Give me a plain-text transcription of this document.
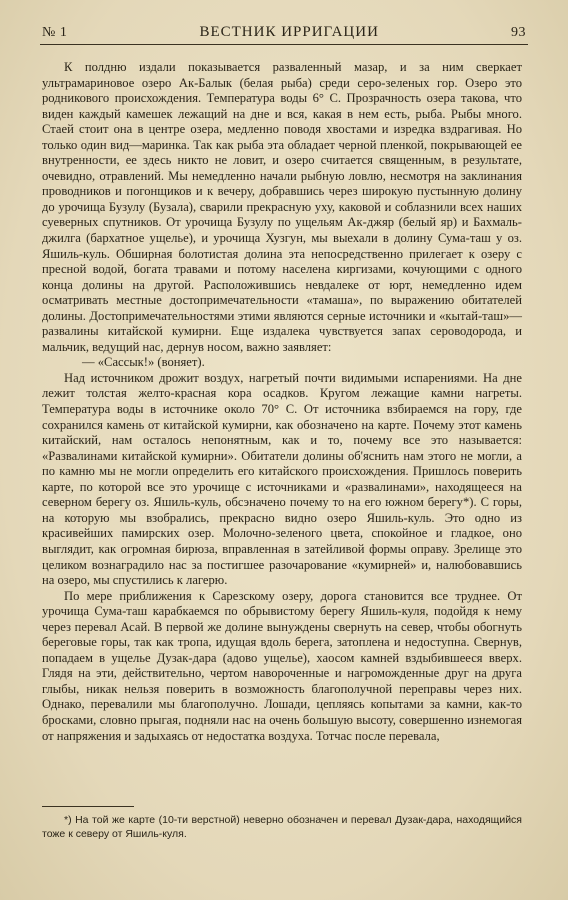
№ 1	ВЕСТНИК ИРРИГАЦИИ	93

К полдню издали показывается разваленный мазар, и за ним сверкает ультрамариновое озеро Ак-Балык (белая рыба) среди серо-зеленых гор. Озеро это родникового происхождения. Температура воды 6° С. Прозрачность озера такова, что виден каждый камешек лежащий на дне и вся, какая в нем есть, рыба. Рыбы много. Стаей стоит она в центре озера, медленно поводя хвостами и изредка вздрагивая. Но только один вид—маринка. Так как рыба эта обладает черной пленкой, покрывающей ее внутренности, ее здесь никто не ловит, и озеро считается священным, в результате, очевидно, отравлений. Мы немедленно начали рыбную ловлю, несмотря на заклинания проводников и погонщиков и к вечеру, добравшись через широкую пустынную долину до урочища Бузулу (Бузала), сварили прекрасную уху, каковой и соблазнили всех наших суеверных спутников. От урочища Бузулу по ущельям Ак-джяр (белый яр) и Бахмаль-джилга (бархатное ущелье), и урочища Хузгун, мы выехали в долину Сума-таш у оз. Яшиль-куль. Обширная болотистая долина эта непосредственно прилегает к озеру с пресной водой, богата травами и потому населена киргизами, кочующими с одного конца долины на другой. Расположившись невдалеке от юрт, немедленно идем осматривать местные достопримечательности «тамаша», по выражению обитателей долины. Достопримечательностями этими являются серные источники и «кытай-таш»—развалины китайской кумирни. Еще издалека чувствуется запах сероводорода, и мальчик, ведущий нас, дернув носом, важно заявляет:

— «Сассык!» (воняет).

Над источником дрожит воздух, нагретый почти видимыми испарениями. На дне лежит толстая желто-красная кора осадков. Кругом лежащие камни нагреты. Температура воды в источнике около 70° С. От источника взбираемся на гору, где сохранился камень от китайской кумирни, как обозначено на карте. Почему этот камень китайский, нам осталось непонятным, как и то, почему все это называется: «Развалинами китайской кумирни». Обитатели долины об'яснить нам этого не могли, а по камню мы не могли определить его китайского происхождения. Пришлось поверить карте, по которой все это урочище с источниками и «развалинами», находящееся на северном берегу оз. Яшиль-куль, обсэначено почему то на его южном берегу*). С горы, на которую мы взобрались, прекрасно видно озеро Яшиль-куль. Это одно из красивейших памирских озер. Молочно-зеленого цвета, спокойное и гладкое, оно выглядит, как огромная бирюза, вправленная в затейливой формы оправу. Зрелище это целиком вознаградило нас за постигшее разочарование «кумирней» и, налюбовавшись на озеро, мы спустились к лагерю.

По мере приближения к Сарезскому озеру, дорога становится все труднее. От урочища Сума-таш карабкаемся по обрывистому берегу Яшиль-куля, подойдя к нему через перевал Асай. В первой же долине вынуждены свернуть на север, чтобы обогнуть береговые горы, так как тропа, идущая вдоль берега, затоплена и недоступна. Свернув, попадаем в ущелье Дузак-дара (адово ущелье), хаосом камней вздыбившееся вверх. Глядя на эти, действительно, чертом навороченные и нагроможденные друг на друга глыбы, никак нельзя поверить в возможность благополучной переправы через них. Однако, перевалили мы благополучно. Лошади, цепляясь копытами за камни, как-то бросками, словно прыгая, подняли нас на очень большую высоту, совершенно изнемогая от напряжения и задыхаясь от недостатка воздуха. Тотчас после перевала,

*) На той же карте (10-ти верстной) неверно обозначен и перевал Дузак-дара, находящийся тоже к северу от Яшиль-куля.
